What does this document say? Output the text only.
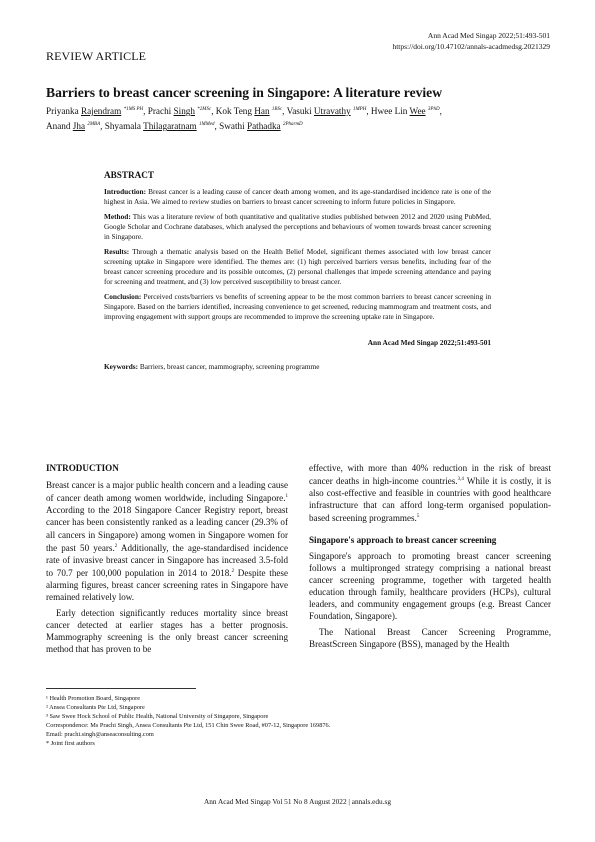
Ann Acad Med Singap 2022;51:493-501
https://doi.org/10.47102/annals-acadmedsg.2021329
REVIEW ARTICLE
Barriers to breast cancer screening in Singapore: A literature review
Priyanka Rajendram $^{*1MS PH}$, Prachi Singh $^{*2MSc}$, Kok Teng Han $^{1BSc}$, Vasuki Utravathy $^{1MPH}$, Hwee Lin Wee $^{3PhD}$,
Anand Jha $^{2MBA}$, Shyamala Thilagaratnam $^{1MMed}$, Swathi Pathadka $^{2PharmD}$
ABSTRACT

Introduction: Breast cancer is a leading cause of cancer death among women, and its age-standardised incidence rate is one of the highest in Asia. We aimed to review studies on barriers to breast cancer screening to inform future policies in Singapore.

Method: This was a literature review of both quantitative and qualitative studies published between 2012 and 2020 using PubMed, Google Scholar and Cochrane databases, which analysed the perceptions and behaviours of women towards breast cancer screening in Singapore.

Results: Through a thematic analysis based on the Health Belief Model, significant themes associated with low breast cancer screening uptake in Singapore were identified. The themes are: (1) high perceived barriers versus benefits, including fear of the breast cancer screening procedure and its possible outcomes, (2) personal challenges that impede screening attendance and paying for screening and treatment, and (3) low perceived susceptibility to breast cancer.

Conclusion: Perceived costs/barriers vs benefits of screening appear to be the most common barriers to breast cancer screening in Singapore. Based on the barriers identified, increasing convenience to get screened, reducing mammogram and treatment costs, and improving engagement with support groups are recommended to improve the screening uptake rate in Singapore.

Ann Acad Med Singap 2022;51:493-501

Keywords: Barriers, breast cancer, mammography, screening programme

INTRODUCTION

Breast cancer is a major public health concern and a leading cause of cancer death among women worldwide, including Singapore.$^1$ According to the 2018 Singapore Cancer Registry report, breast cancer has been consistently ranked as a leading cancer (29.3% of all cancers in Singapore) among women in Singapore women for the past 50 years.$^2$ Additionally, the age-standardised incidence rate of invasive breast cancer in Singapore has increased 3.5-fold to 70.7 per 100,000 population in 2014 to 2018.$^2$ Despite these alarming figures, breast cancer screening rates in Singapore have remained relatively low.

Early detection significantly reduces mortality since breast cancer detected at earlier stages has a better prognosis. Mammography screening is the only breast cancer screening method that has proven to be

effective, with more than 40% reduction in the risk of breast cancer deaths in high-income countries.$^{3,4}$ While it is costly, it is also cost-effective and feasible in countries with good healthcare infrastructure that can afford long-term organised population-based screening programmes.$^5$

Singapore's approach to breast cancer screening

Singapore's approach to promoting breast cancer screening follows a multipronged strategy comprising a national breast cancer screening programme, together with targeted health education through family, healthcare providers (HCPs), cultural leaders, and community engagement groups (e.g. Breast Cancer Foundation, Singapore).

The National Breast Cancer Screening Programme, BreastScreen Singapore (BSS), managed by the Health

¹ Health Promotion Board, Singapore
² Ansea Consultants Pte Ltd, Singapore
³ Saw Swee Hock School of Public Health, National University of Singapore, Singapore
Correspondence: Ms Prachi Singh, Ansea Consultants Pte Ltd, 151 Chin Swee Road, #07-12, Singapore 169876.
Email: prachi.singh@anseaconsulting.com
* Joint first authors
Ann Acad Med Singap Vol 51 No 8 August 2022 | annals.edu.sg
